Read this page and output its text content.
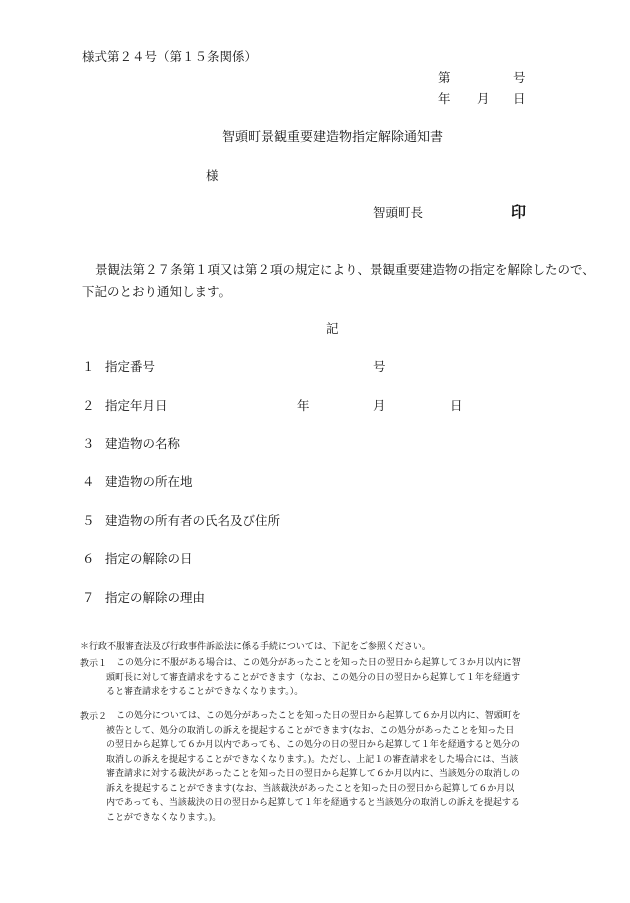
様式第２４号（第１５条関係）
第	号
年 月 日
智頭町景観重要建造物指定解除通知書
様
智頭町長	印
景観法第２７条第１項又は第２項の規定により、景観重要建造物の指定を解除したので、下記のとおり通知します。
記
１ 指定番号	号
２ 指定年月日	年	月	日
３ 建造物の名称
４ 建造物の所在地
５ 建造物の所有者の氏名及び住所
６ 指定の解除の日
７ 指定の解除の理由
＊行政不服審査法及び行政事件訴訟法に係る手続については、下記をご参照ください。
教示１ この処分に不服がある場合は、この処分があったことを知った日の翌日から起算して３か月以内に智頭町長に対して審査請求をすることができます（なお、この処分の日の翌日から起算して１年を経過すると審査請求をすることができなくなります。）。
教示２ この処分については、この処分があったことを知った日の翌日から起算して６か月以内に、智頭町を被告として、処分の取消しの訴えを提起することができます(なお、この処分があったことを知った日の翌日から起算して６か月以内であっても、この処分の日の翌日から起算して１年を経過すると処分の取消しの訴えを提起することができなくなります。)。ただし、上記１の審査請求をした場合には、当該審査請求に対する裁決があったことを知った日の翌日から起算して６か月以内に、当該処分の取消しの訴えを提起することができます(なお、当該裁決があったことを知った日の翌日から起算して６か月以内であっても、当該裁決の日の翌日から起算して１年を経過すると当該処分の取消しの訴えを提起することができなくなります。)。
